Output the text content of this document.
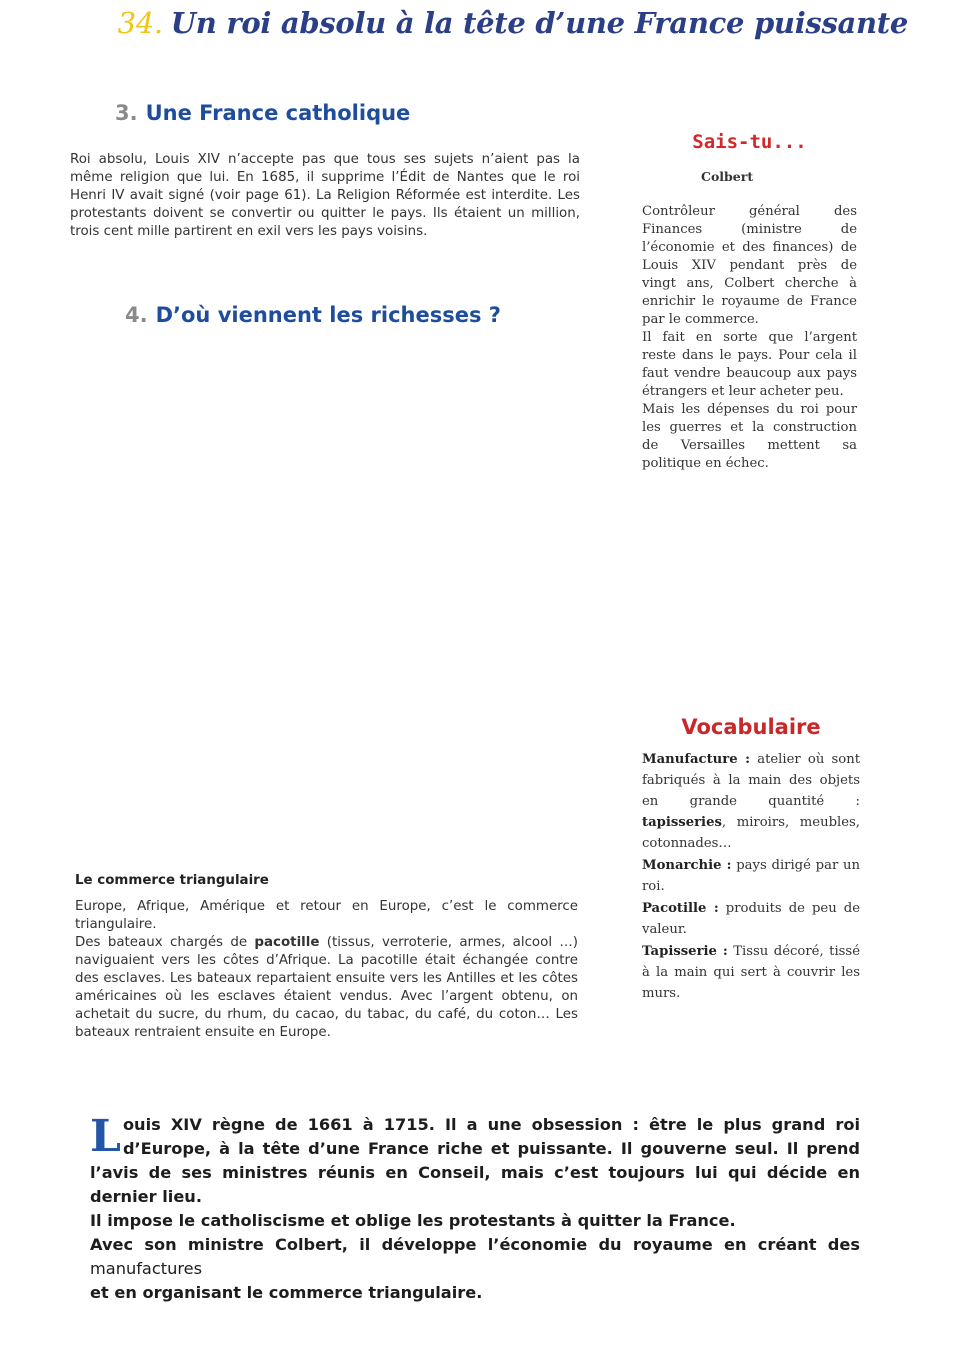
34. Un roi absolu à la tête d’une France puissante
3. Une France catholique

Roi absolu, Louis XIV n’accepte pas que tous ses sujets n’aient pas la même religion que lui. En 1685, il supprime l’Édit de Nantes que le roi Henri IV avait signé (voir page 61). La Religion Réformée est interdite. Les protestants doivent se convertir ou quitter le pays. Ils étaient un million, trois cent mille partirent en exil vers les pays voisins.

4. D’où viennent les richesses ?

Le commerce triangulaire

Europe, Afrique, Amérique et retour en Europe, c’est le commerce triangulaire.

Des bateaux chargés de pacotille (tissus, verroterie, armes, alcool …) naviguaient vers les côtes d’Afrique. La pacotille était échangée contre des esclaves. Les bateaux repartaient ensuite vers les Antilles et les côtes américaines où les esclaves étaient vendus. Avec l’argent obtenu, on achetait du sucre, du rhum, du cacao, du tabac, du café, du coton… Les bateaux rentraient ensuite en Europe.

Sais-tu...

Colbert

Contrôleur général des Finances (ministre de l’économie et des finances) de Louis XIV pendant près de vingt ans, Colbert cherche à enrichir le royaume de France par le commerce.

Il fait en sorte que l’argent reste dans le pays. Pour cela il faut vendre beaucoup aux pays étrangers et leur acheter peu.

Mais les dépenses du roi pour les guerres et la construction de Versailles mettent sa politique en échec.

Vocabulaire

Manufacture : atelier où sont fabriqués à la main des objets en grande quantité : tapisseries, miroirs, meubles, cotonnades…

Monarchie : pays dirigé par un roi.

Pacotille : produits de peu de valeur.

Tapisserie : Tissu décoré, tissé à la main qui sert à couvrir les murs.

Louis XIV règne de 1661 à 1715. Il a une obsession : être le plus grand roi d’Europe, à la tête d’une France riche et puissante. Il gouverne seul. Il prend l’avis de ses ministres réunis en Conseil, mais c’est toujours lui qui décide en dernier lieu.

Il impose le catholiscisme et oblige les protestants à quitter la France.

Avec son ministre Colbert, il développe l’économie du royaume en créant des manufactures

et en organisant le commerce triangulaire.
